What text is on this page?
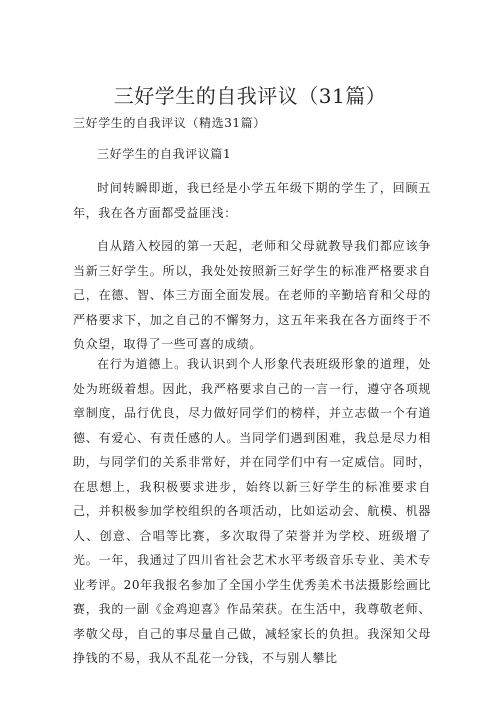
三好学生的自我评议（31篇）
三好学生的自我评议（精选31篇）
三好学生的自我评议篇1

时间转瞬即逝，我已经是小学五年级下期的学生了，回顾五年，我在各方面都受益匪浅：

自从踏入校园的第一天起，老师和父母就教导我们都应该争当新三好学生。所以，我处处按照新三好学生的标准严格要求自己，在德、智、体三方面全面发展。在老师的辛勤培育和父母的严格要求下，加之自己的不懈努力，这五年来我在各方面终于不负众望，取得了一些可喜的成绩。

在行为道德上。我认识到个人形象代表班级形象的道理，处处为班级着想。因此，我严格要求自己的一言一行，遵守各项规章制度，品行优良，尽力做好同学们的榜样，并立志做一个有道德、有爱心、有责任感的人。当同学们遇到困难，我总是尽力相助，与同学们的关系非常好，并在同学们中有一定威信。同时，在思想上，我积极要求进步，始终以新三好学生的标准要求自己，并积极参加学校组织的各项活动，比如运动会、航模、机器人、创意、合唱等比赛，多次取得了荣誉并为学校、班级增了光。一年，我通过了四川省社会艺术水平考级音乐专业、美术专业考评。20年我报名参加了全国小学生优秀美术书法摄影绘画比赛，我的一副《金鸡迎喜》作品荣获。在生活中，我尊敬老师、孝敬父母，自己的事尽量自己做，减轻家长的负担。我深知父母挣钱的不易，我从不乱花一分钱，不与别人攀比
